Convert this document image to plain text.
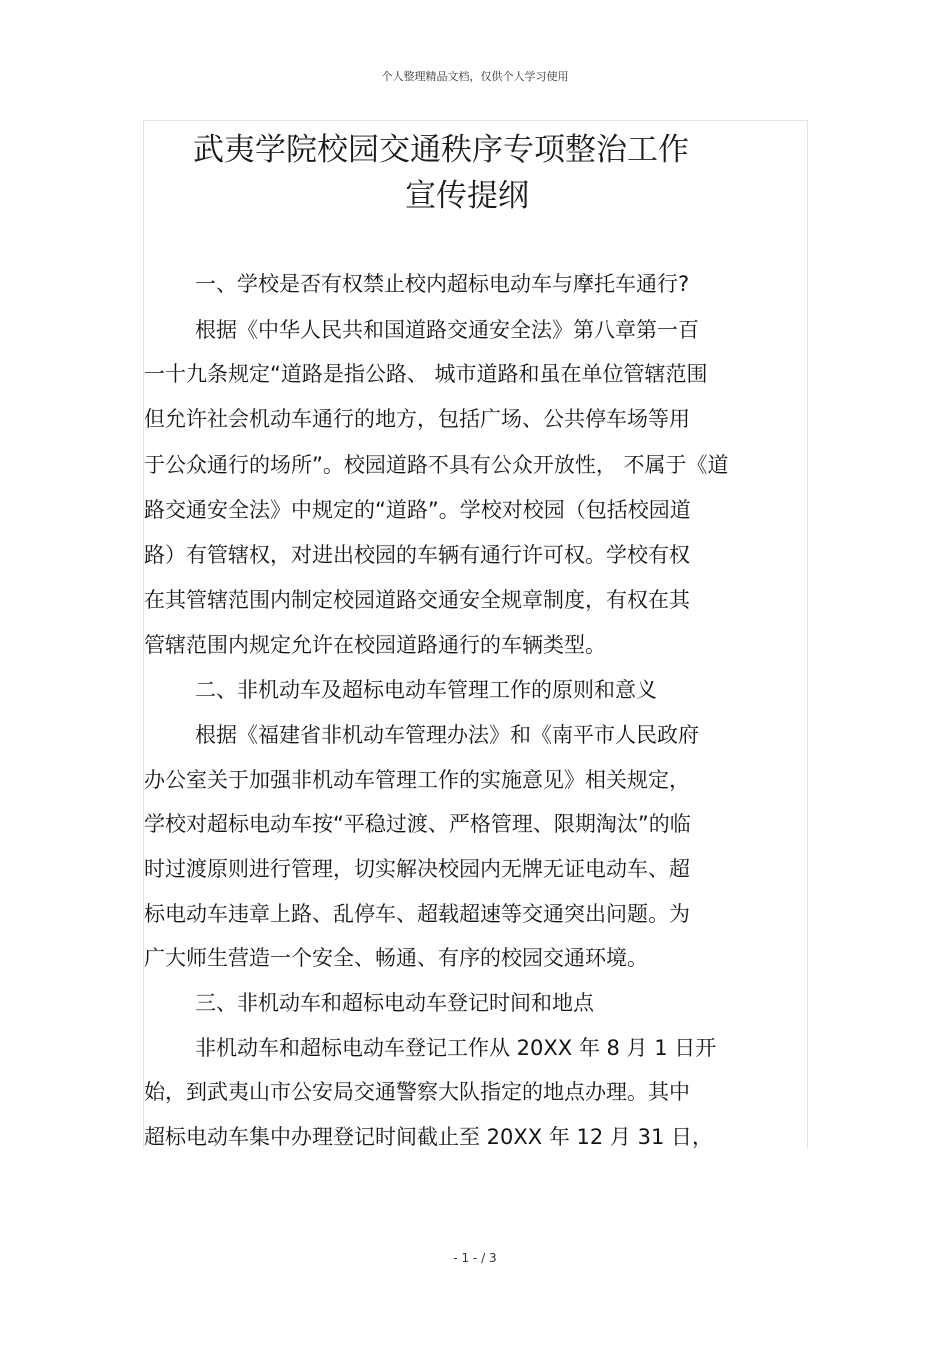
个人整理精品文档，仅供个人学习使用
武夷学院校园交通秩序专项整治工作
宣传提纲
一、学校是否有权禁止校内超标电动车与摩托车通行?
根据《中华人民共和国道路交通安全法》第八章第一百
一十九条规定“道路是指公路、 城市道路和虽在单位管辖范围
但允许社会机动车通行的地方，包括广场、公共停车场等用
于公众通行的场所”。校园道路不具有公众开放性， 不属于《道
路交通安全法》中规定的“道路”。学校对校园（包括校园道
路）有管辖权，对进出校园的车辆有通行许可权。学校有权
在其管辖范围内制定校园道路交通安全规章制度，有权在其
管辖范围内规定允许在校园道路通行的车辆类型。
二、非机动车及超标电动车管理工作的原则和意义
根据《福建省非机动车管理办法》和《南平市人民政府
办公室关于加强非机动车管理工作的实施意见》相关规定，
学校对超标电动车按“平稳过渡、严格管理、限期淘汰”的临
时过渡原则进行管理，切实解决校园内无牌无证电动车、超
标电动车违章上路、乱停车、超载超速等交通突出问题。为
广大师生营造一个安全、畅通、有序的校园交通环境。
三、非机动车和超标电动车登记时间和地点
非机动车和超标电动车登记工作从 20XX 年 8 月 1 日开
始，到武夷山市公安局交通警察大队指定的地点办理。其中
超标电动车集中办理登记时间截止至 20XX 年 12 月 31 日，
- 1 - / 3
